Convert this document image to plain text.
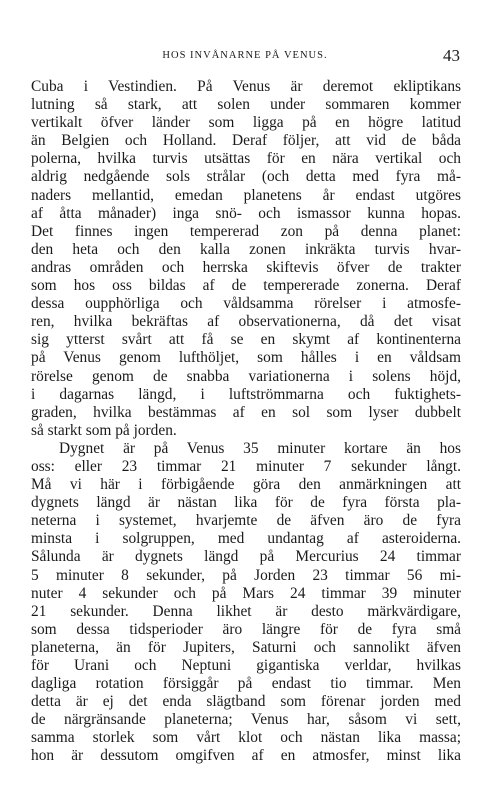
HOS INVÅNARNE PÅ VENUS.	43
Cuba i Vestindien. På Venus är deremot ekliptikans
lutning så stark, att solen under sommaren kommer
vertikalt öfver länder som ligga på en högre latitud
än Belgien och Holland. Deraf följer, att vid de båda
polerna, hvilka turvis utsättas för en nära vertikal och
aldrig nedgående sols strålar (och detta med fyra må-
naders mellantid, emedan planetens år endast utgöres
af åtta månader) inga snö- och ismassor kunna hopas.
Det finnes ingen tempererad zon på denna planet:
den heta och den kalla zonen inkräkta turvis hvar-
andras områden och herrska skiftevis öfver de trakter
som hos oss bildas af de tempererade zonerna. Deraf
dessa oupphörliga och våldsamma rörelser i atmosfe-
ren, hvilka bekräftas af observationerna, då det visat
sig ytterst svårt att få se en skymt af kontinenterna
på Venus genom lufthöljet, som hålles i en våldsam
rörelse genom de snabba variationerna i solens höjd,
i dagarnas längd, i luftströmmarna och fuktighets-
graden, hvilka bestämmas af en sol som lyser dubbelt
så starkt som på jorden.
Dygnet är på Venus 35 minuter kortare än hos
oss: eller 23 timmar 21 minuter 7 sekunder långt.
Må vi här i förbigående göra den anmärkningen att
dygnets längd är nästan lika för de fyra första pla-
neterna i systemet, hvarjemte de äfven äro de fyra
minsta i solgruppen, med undantag af asteroiderna.
Sålunda är dygnets längd på Mercurius 24 timmar
5 minuter 8 sekunder, på Jorden 23 timmar 56 mi-
nuter 4 sekunder och på Mars 24 timmar 39 minuter
21 sekunder. Denna likhet är desto märkvärdigare,
som dessa tidsperioder äro längre för de fyra små
planeterna, än för Jupiters, Saturni och sannolikt äfven
för Urani och Neptuni gigantiska verldar, hvilkas
dagliga rotation försiggår på endast tio timmar. Men
detta är ej det enda slägtband som förenar jorden med
de närgränsande planeterna; Venus har, såsom vi sett,
samma storlek som vårt klot och nästan lika massa;
hon är dessutom omgifven af en atmosfer, minst lika
